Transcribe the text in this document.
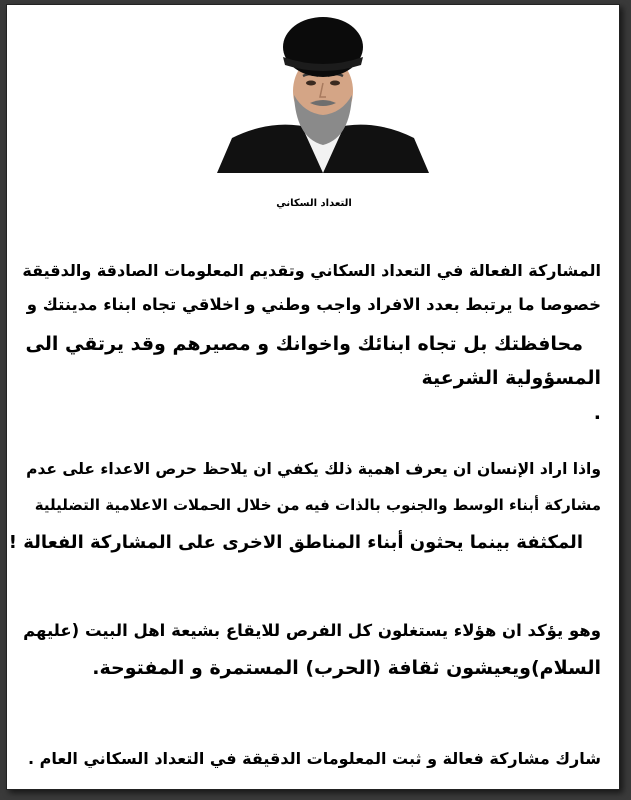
التعداد السكاني
المشاركة الفعالة في التعداد السكاني وتقديم المعلومات الصادقة والدقيقة
خصوصا ما يرتبط بعدد الافراد واجب وطني و اخلاقي تجاه ابناء مدينتك و
محافظتك بل تجاه ابنائك واخوانك و مصيرهم وقد يرتقي الى
المسؤولية الشرعية
.
واذا اراد الإنسان ان يعرف اهمية ذلك يكفي ان يلاحظ حرص الاعداء على عدم
مشاركة أبناء الوسط والجنوب بالذات فيه من خلال الحملات الاعلامية التضليلية
المكثفة بينما يحثون أبناء المناطق الاخرى على المشاركة الفعالة !
وهو يؤكد ان هؤلاء يستغلون كل الفرص للايقاع بشيعة اهل البيت (عليهم
السلام)ويعيشون ثقافة (الحرب) المستمرة و المفتوحة.
شارك مشاركة فعالة و ثبت المعلومات الدقيقة في التعداد السكاني العام .
